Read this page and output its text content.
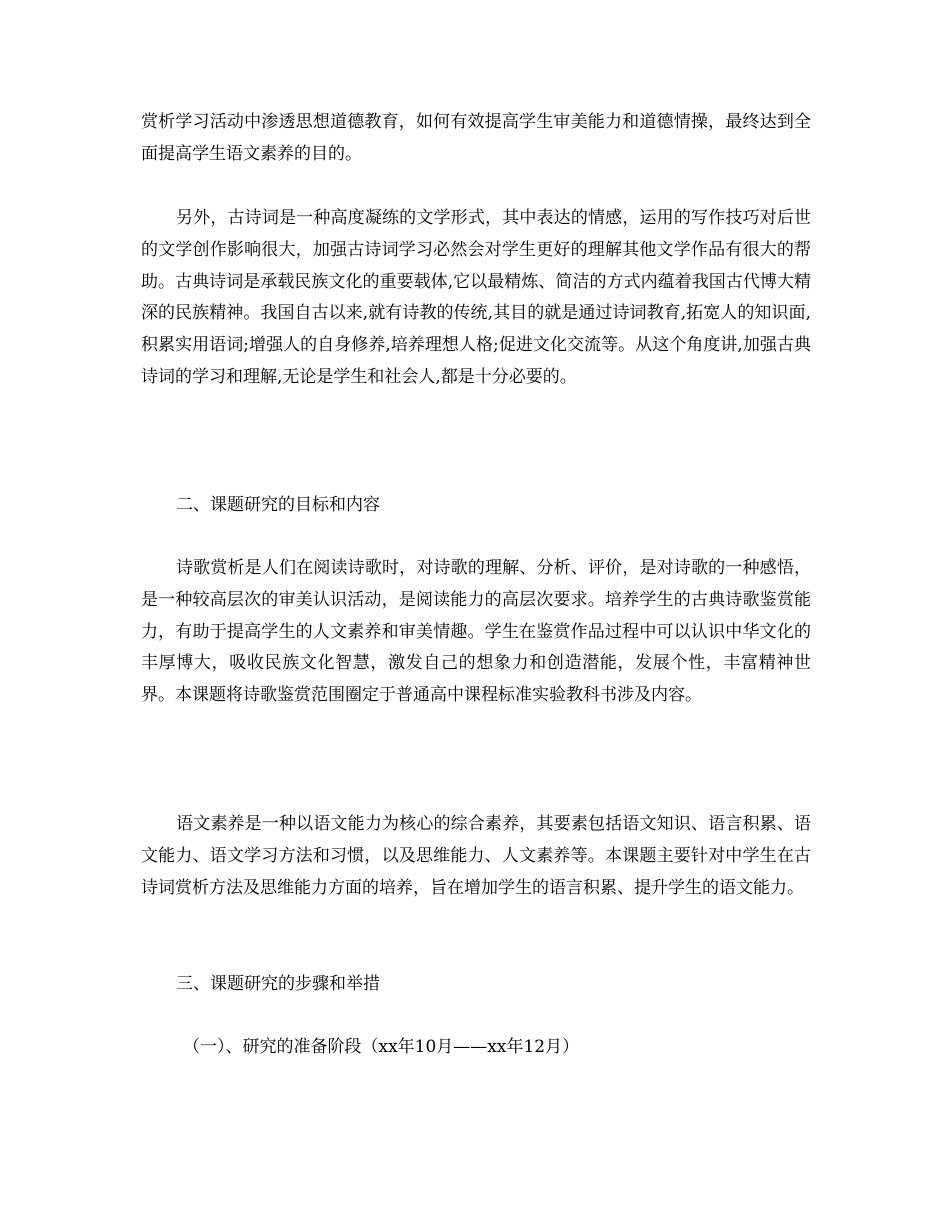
赏析学习活动中渗透思想道德教育，如何有效提高学生审美能力和道德情操，最终达到全面提高学生语文素养的目的。

另外，古诗词是一种高度凝练的文学形式，其中表达的情感，运用的写作技巧对后世的文学创作影响很大，加强古诗词学习必然会对学生更好的理解其他文学作品有很大的帮助。古典诗词是承载民族文化的重要载体,它以最精炼、简洁的方式内蕴着我国古代博大精深的民族精神。我国自古以来,就有诗教的传统,其目的就是通过诗词教育,拓宽人的知识面,积累实用语词;增强人的自身修养,培养理想人格;促进文化交流等。从这个角度讲,加强古典诗词的学习和理解,无论是学生和社会人,都是十分必要的。

二、课题研究的目标和内容

诗歌赏析是人们在阅读诗歌时，对诗歌的理解、分析、评价，是对诗歌的一种感悟，是一种较高层次的审美认识活动，是阅读能力的高层次要求。培养学生的古典诗歌鉴赏能力，有助于提高学生的人文素养和审美情趣。学生在鉴赏作品过程中可以认识中华文化的丰厚博大，吸收民族文化智慧，激发自己的想象力和创造潜能，发展个性，丰富精神世界。本课题将诗歌鉴赏范围圈定于普通高中课程标准实验教科书涉及内容。

语文素养是一种以语文能力为核心的综合素养，其要素包括语文知识、语言积累、语文能力、语文学习方法和习惯，以及思维能力、人文素养等。本课题主要针对中学生在古诗词赏析方法及思维能力方面的培养，旨在增加学生的语言积累、提升学生的语文能力。

三、课题研究的步骤和举措

（一）、研究的准备阶段（xx年10月——xx年12月）
